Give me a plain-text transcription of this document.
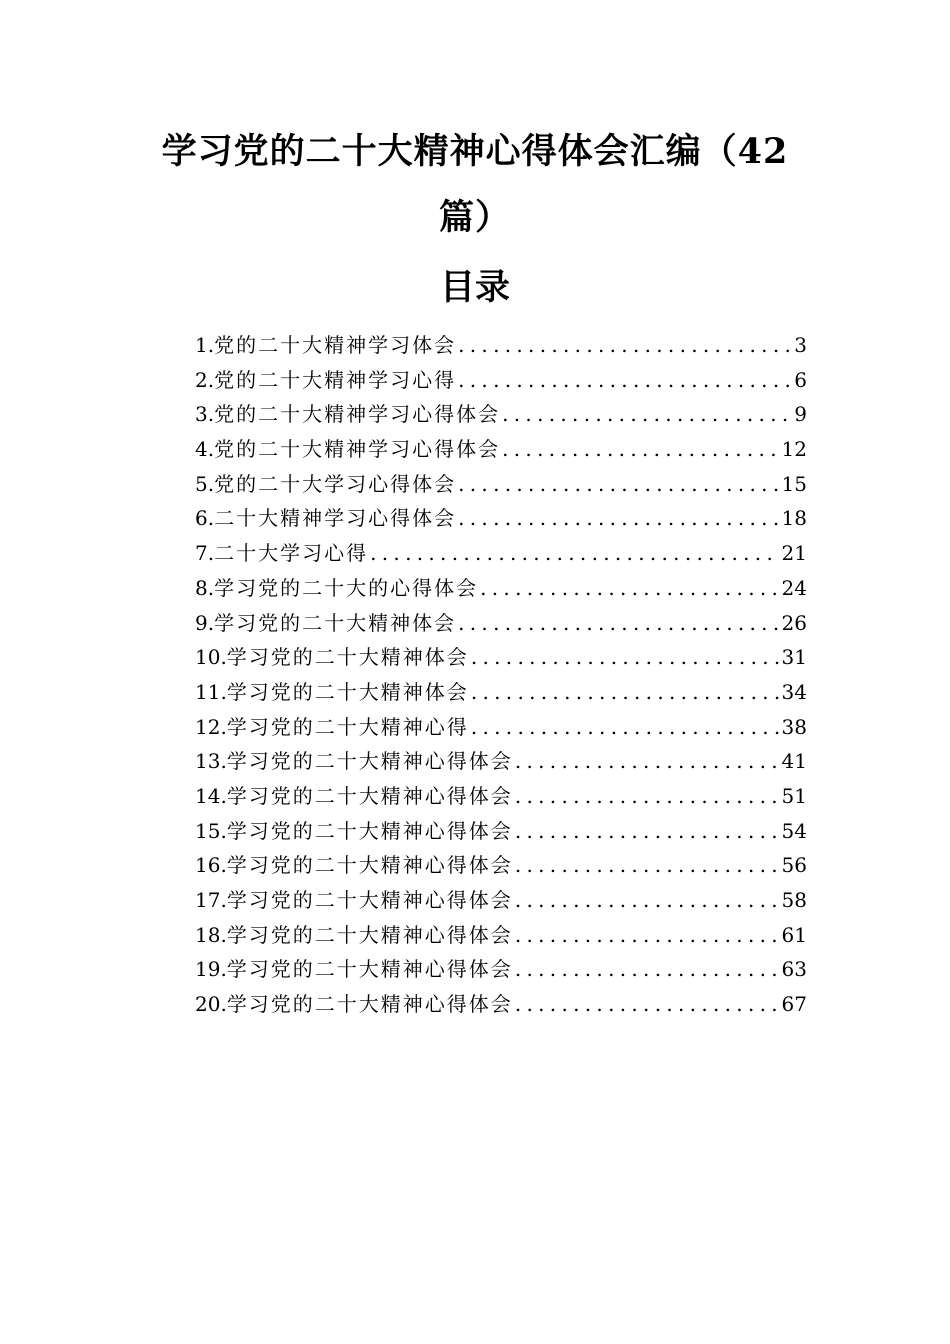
学习党的二十大精神心得体会汇编（42
篇）
目录
1. 党的二十大精神学习体会 .....	3
2. 党的二十大精神学习心得 .....	6
3. 党的二十大精神学习心得体会 .....	9
4. 党的二十大精神学习心得体会 .....	12
5. 党的二十大学习心得体会 .....	15
6. 二十大精神学习心得体会 .....	18
7. 二十大学习心得 .....	21
8. 学习党的二十大的心得体会 .....	24
9. 学习党的二十大精神体会 .....	26
10. 学习党的二十大精神体会 .....	31
11. 学习党的二十大精神体会 .....	34
12. 学习党的二十大精神心得 .....	38
13. 学习党的二十大精神心得体会 .....	41
14. 学习党的二十大精神心得体会 .....	51
15. 学习党的二十大精神心得体会 .....	54
16. 学习党的二十大精神心得体会 .....	56
17. 学习党的二十大精神心得体会 .....	58
18. 学习党的二十大精神心得体会 .....	61
19. 学习党的二十大精神心得体会 .....	63
20. 学习党的二十大精神心得体会 .....	67
